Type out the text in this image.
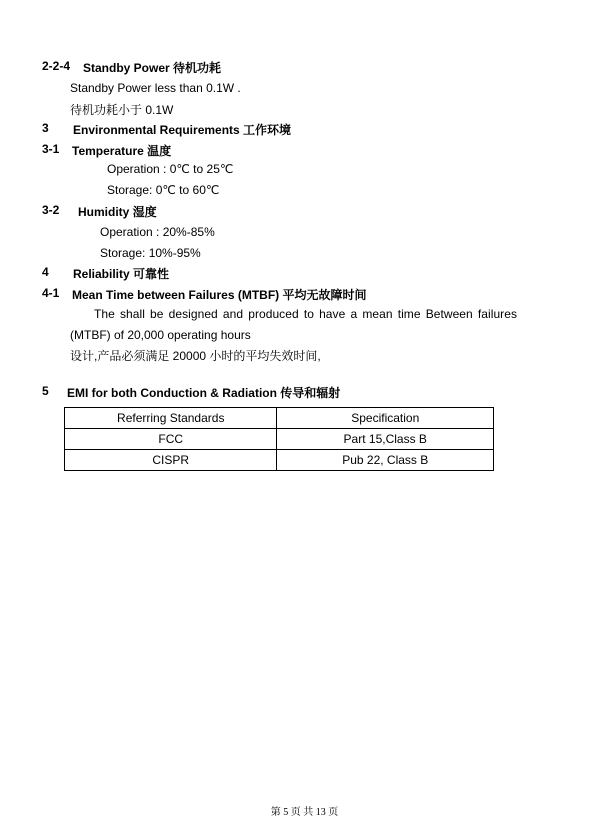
2-2-4 Standby Power 待机功耗
Standby Power less than 0.1W .
待机功耗小于 0.1W
3 Environmental Requirements 工作环境
3-1 Temperature 温度
Operation : 0℃ to 25℃
Storage: 0℃ to 60℃
3-2 Humidity 湿度
Operation : 20%-85%
Storage: 10%-95%
4 Reliability 可靠性
4-1 Mean Time between Failures (MTBF) 平均无故障时间
The shall be designed and produced to have a mean time Between failures
(MTBF) of 20,000 operating hours
设计,产品必须满足 20000 小时的平均失效时间,
5 EMI for both Conduction & Radiation 传导和辐射
Referring Standards	Specification
FCC	Part 15,Class B
CISPR	Pub 22, Class B
第 5 页 共 13 页
